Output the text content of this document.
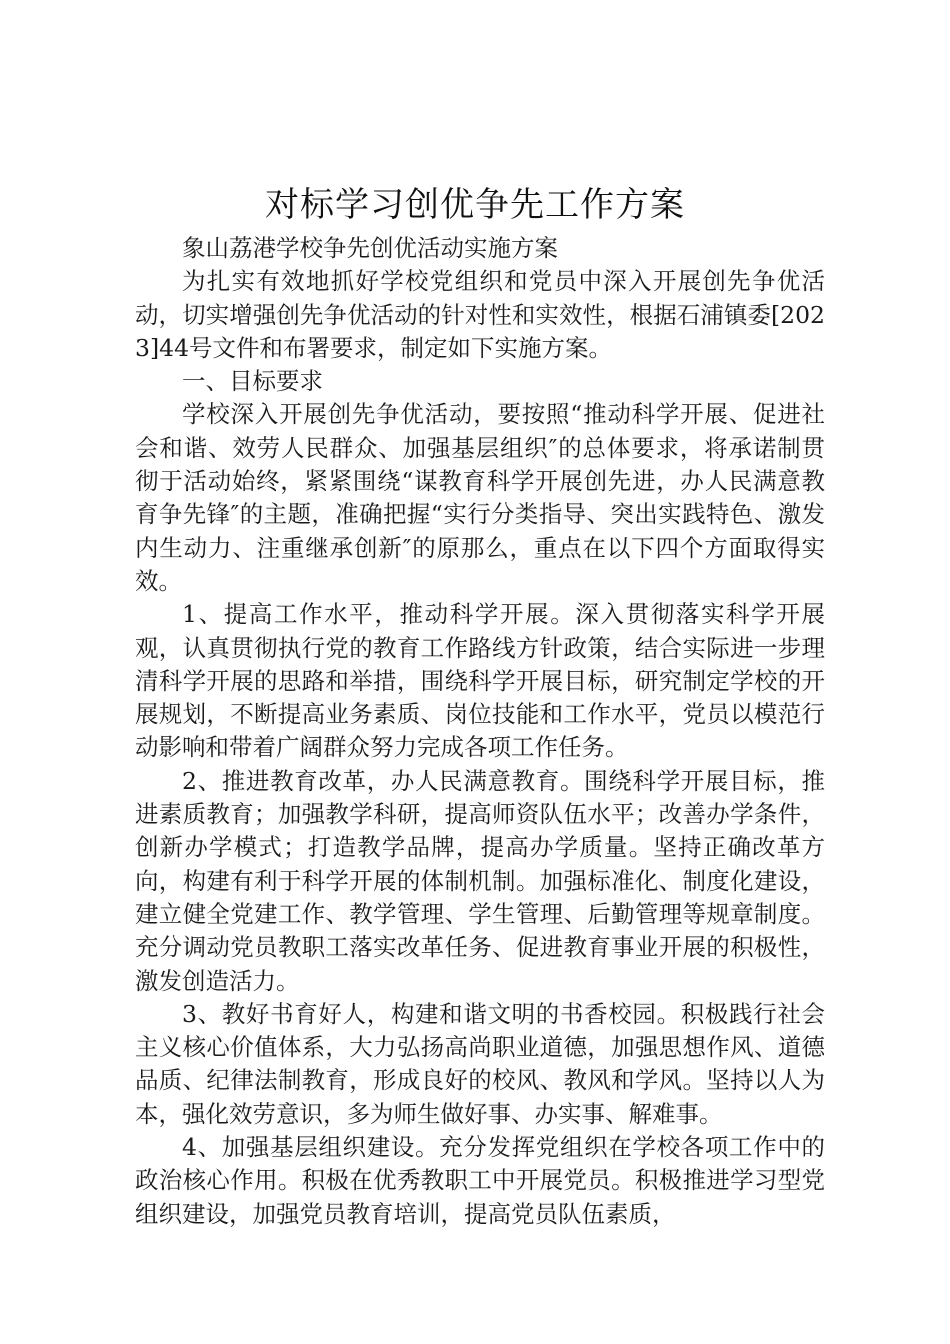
对标学习创优争先工作方案

象山荔港学校争先创优活动实施方案

为扎实有效地抓好学校党组织和党员中深入开展创先争优活动，切实增强创先争优活动的针对性和实效性，根据石浦镇委[2023]44号文件和布署要求，制定如下实施方案。

一、目标要求

学校深入开展创先争优活动，要按照“推动科学开展、促进社会和谐、效劳人民群众、加强基层组织″的总体要求，将承诺制贯彻于活动始终，紧紧围绕“谋教育科学开展创先进，办人民满意教育争先锋″的主题，准确把握“实行分类指导、突出实践特色、激发内生动力、注重继承创新″的原那么，重点在以下四个方面取得实效。

1、提高工作水平，推动科学开展。深入贯彻落实科学开展观，认真贯彻执行党的教育工作路线方针政策，结合实际进一步理清科学开展的思路和举措，围绕科学开展目标，研究制定学校的开展规划，不断提高业务素质、岗位技能和工作水平，党员以模范行动影响和带着广阔群众努力完成各项工作任务。

2、推进教育改革，办人民满意教育。围绕科学开展目标，推进素质教育；加强教学科研，提高师资队伍水平；改善办学条件，创新办学模式；打造教学品牌，提高办学质量。坚持正确改革方向，构建有利于科学开展的体制机制。加强标准化、制度化建设，建立健全党建工作、教学管理、学生管理、后勤管理等规章制度。充分调动党员教职工落实改革任务、促进教育事业开展的积极性，激发创造活力。

3、教好书育好人，构建和谐文明的书香校园。积极践行社会主义核心价值体系，大力弘扬高尚职业道德，加强思想作风、道德品质、纪律法制教育，形成良好的校风、教风和学风。坚持以人为本，强化效劳意识，多为师生做好事、办实事、解难事。

4、加强基层组织建设。充分发挥党组织在学校各项工作中的政治核心作用。积极在优秀教职工中开展党员。积极推进学习型党组织建设，加强党员教育培训，提高党员队伍素质，
